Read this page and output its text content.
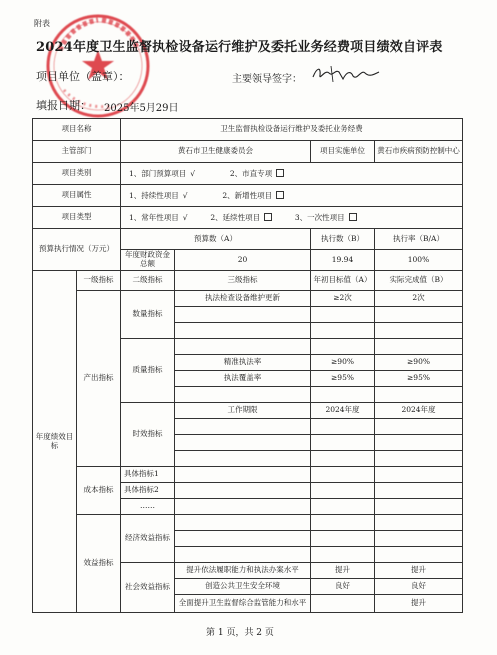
附表
2024年度卫生监督执检设备运行维护及委托业务经费项目绩效自评表
项目单位（盖章）：	主要领导签字：
填报日期： 2025年5月29日
项目名称		卫生监督执检设备运行维护及委托业务经费			
主管部门		黄石市卫生健康委员会		项目实施单位	黄石市疾病预防控制中心
项目类别		1、部门预算项目 √ 2、市直专项			
项目属性		1、持续性项目 √ 2、新增性项目			
项目类型		1、常年性项目 √ 2、延续性项目 3、一次性项目			
预算执行情况（万元）		预算数（A）		执行数（B）	执行率（B/A）
		年度财政资金总额	20	19.94	100%
年度绩效目标	一级指标	二级指标	三级指标	年初目标值（A）	实际完成值（B）
	产出指标	数量指标	执法检查设备维护更新	≥2次	2次

		质量指标			
			精准执法率	≥90%	≥90%
			执法覆盖率	≥95%	≥95%

		时效指标	工作期限	2024年度	2024年度

	成本指标	具体指标1			
		具体指标2			
		……			
	效益指标	经济效益指标			

		社会效益指标	提升依法履职能力和执法办案水平	提升	提升
			创造公共卫生安全环境	良好	良好
			全面提升卫生监督综合监管能力和水平		提升
第 1 页，共 2 页
